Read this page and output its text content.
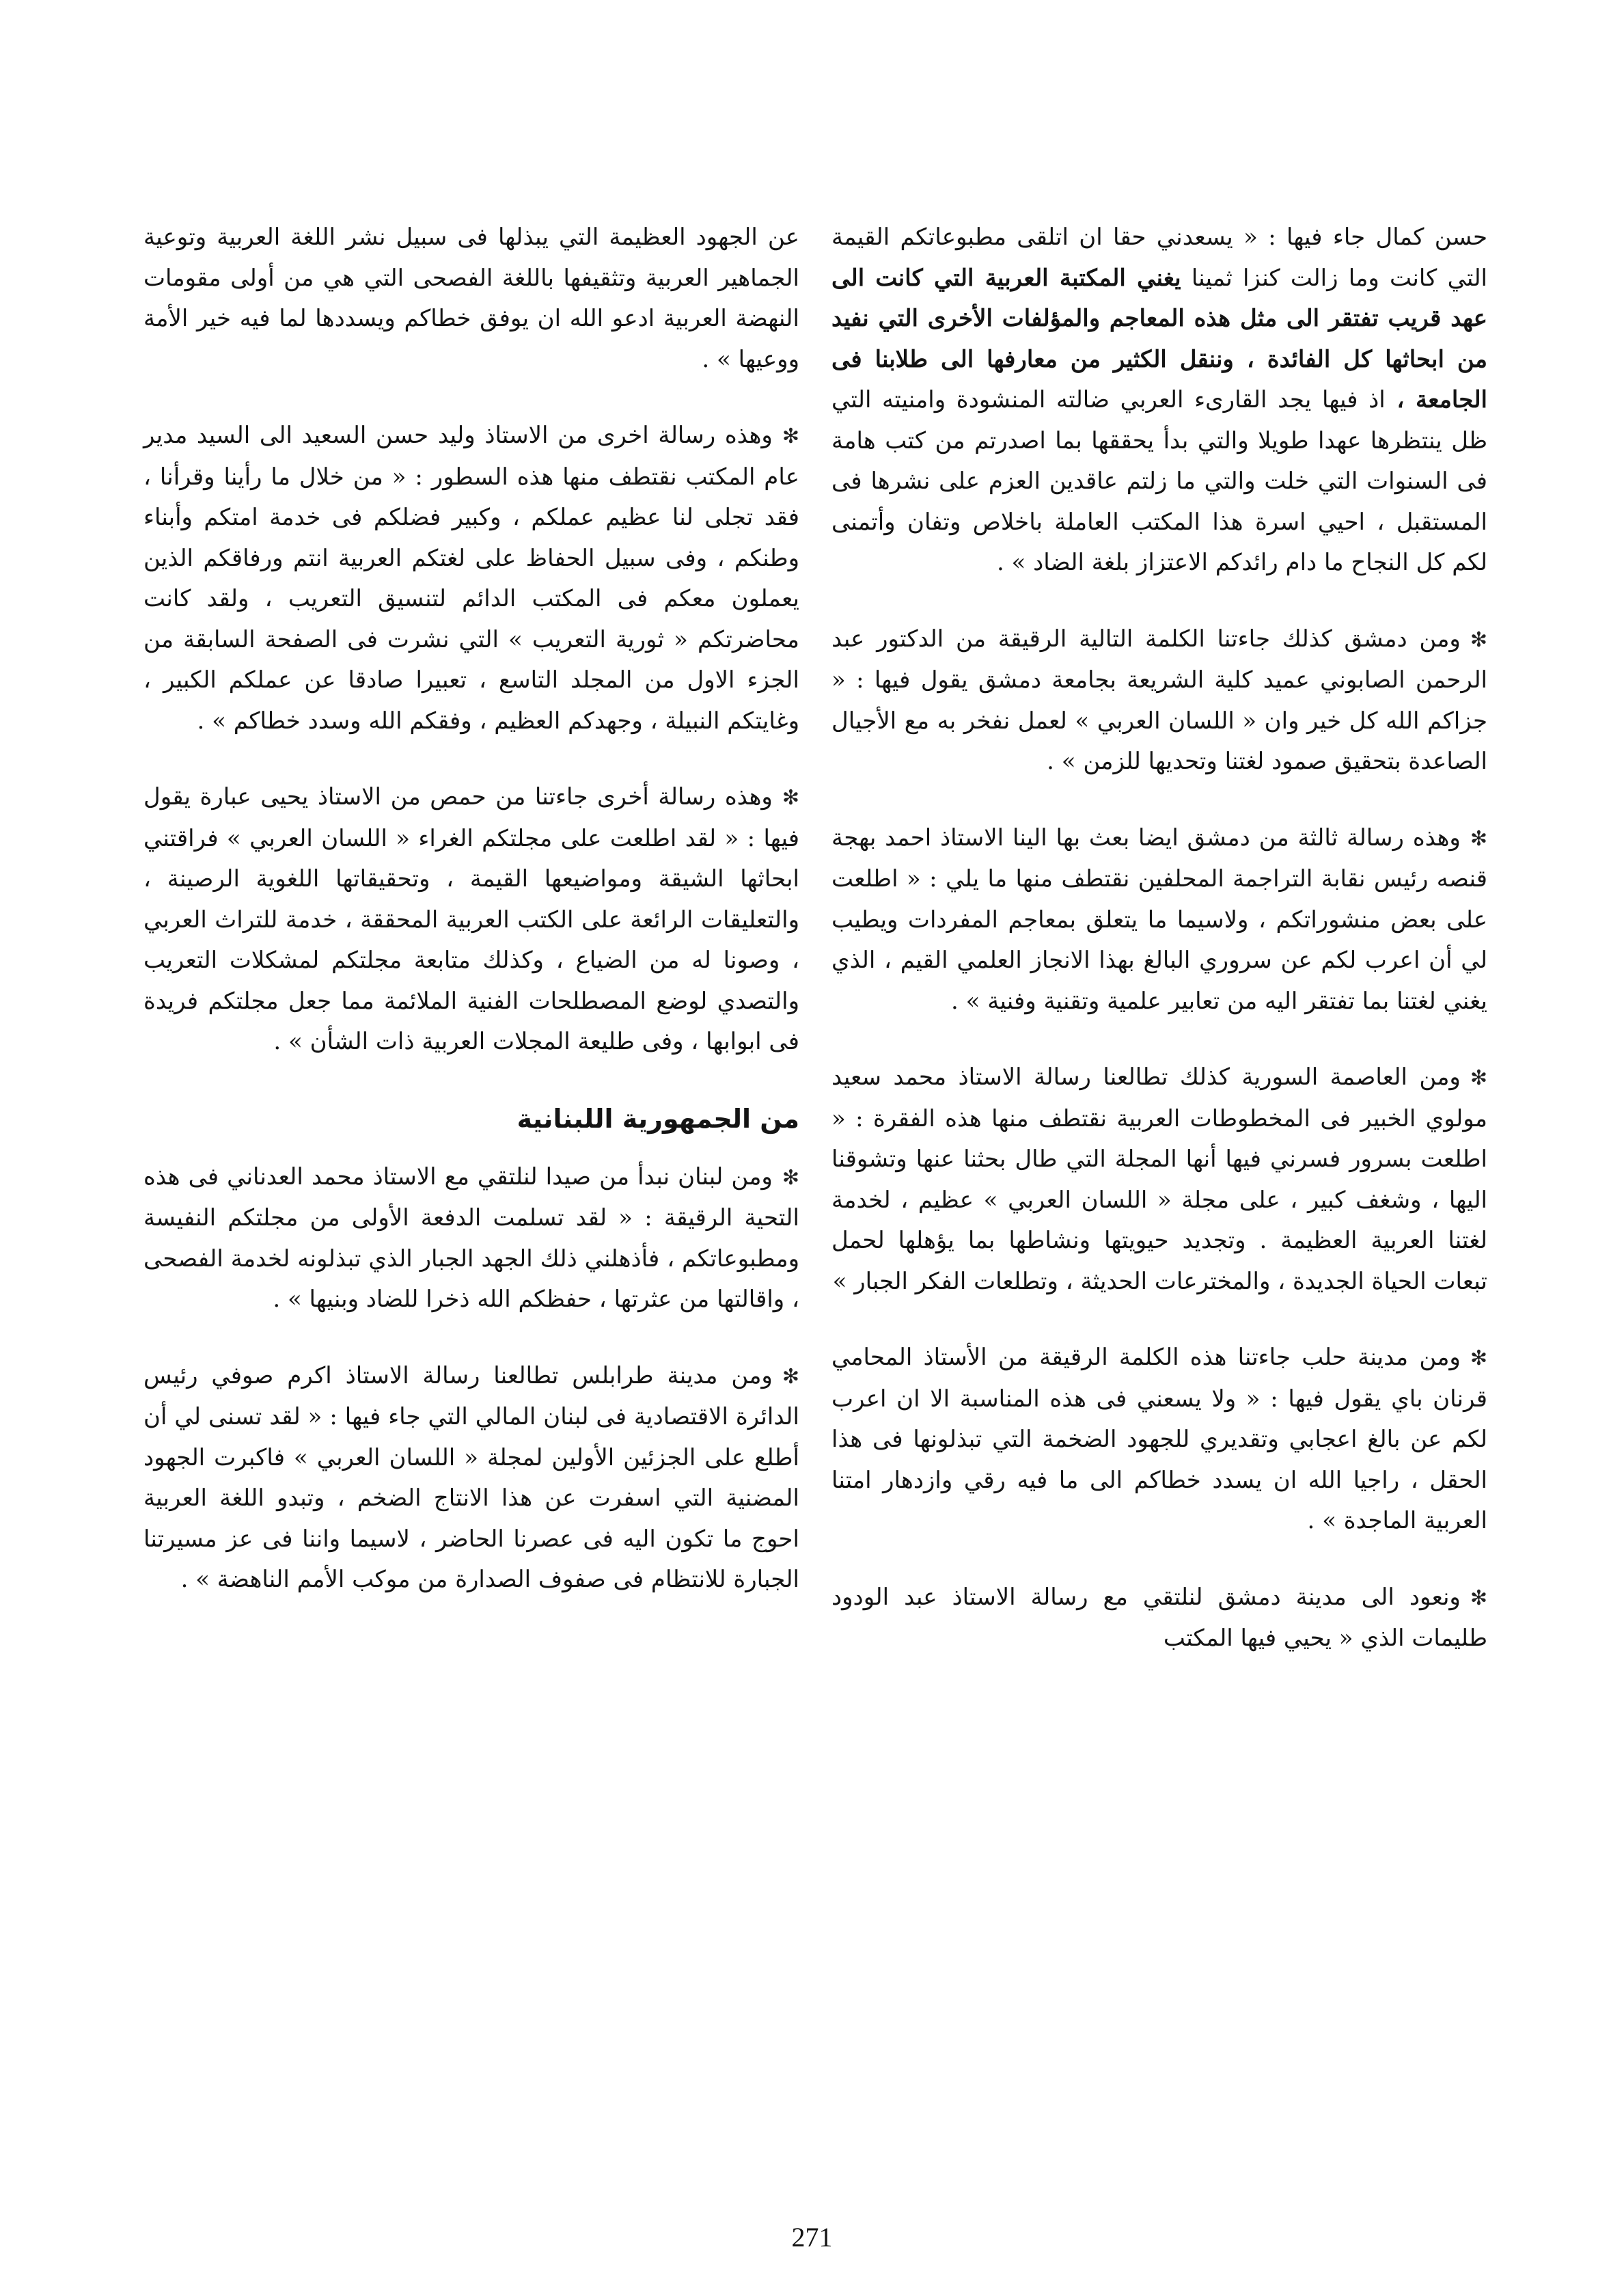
حسن كمال جاء فيها : « يسعدني حقا ان اتلقى مطبوعاتكم القيمة التي كانت وما زالت كنزا ثمينا يغني المكتبة العربية التي كانت الى عهد قريب تفتقر الى مثل هذه المعاجم والمؤلفات الأخرى التي نفيد من ابحاثها كل الفائدة ، وننقل الكثير من معارفها الى طلابنا فى الجامعة ، اذ فيها يجد القارىء العربي ضالته المنشودة وامنيته التي ظل ينتظرها عهدا طويلا والتي بدأ يحققها بما اصدرتم من كتب هامة فى السنوات التي خلت والتي ما زلتم عاقدين العزم على نشرها فى المستقبل ، احيي اسرة هذا المكتب العاملة باخلاص وتفان وأتمنى لكم كل النجاح ما دام رائدكم الاعتزاز بلغة الضاد » .

✻ومن دمشق كذلك جاءتنا الكلمة التالية الرقيقة من الدكتور عبد الرحمن الصابوني عميد كلية الشريعة بجامعة دمشق يقول فيها : « جزاكم الله كل خير وان « اللسان العربي » لعمل نفخر به مع الأجيال الصاعدة بتحقيق صمود لغتنا وتحديها للزمن » .

✻وهذه رسالة ثالثة من دمشق ايضا بعث بها الينا الاستاذ احمد بهجة قنصه رئيس نقابة التراجمة المحلفين نقتطف منها ما يلي : « اطلعت على بعض منشوراتكم ، ولاسيما ما يتعلق بمعاجم المفردات ويطيب لي أن اعرب لكم عن سروري البالغ بهذا الانجاز العلمي القيم ، الذي يغني لغتنا بما تفتقر اليه من تعابير علمية وتقنية وفنية » .

✻ومن العاصمة السورية كذلك تطالعنا رسالة الاستاذ محمد سعيد مولوي الخبير فى المخطوطات العربية نقتطف منها هذه الفقرة : « اطلعت بسرور فسرني فيها أنها المجلة التي طال بحثنا عنها وتشوقنا اليها ، وشغف كبير ، على مجلة « اللسان العربي » عظيم ، لخدمة لغتنا العربية العظيمة . وتجديد حيويتها ونشاطها بما يؤهلها لحمل تبعات الحياة الجديدة ، والمخترعات الحديثة ، وتطلعات الفكر الجبار »

✻ومن مدينة حلب جاءتنا هذه الكلمة الرقيقة من الأستاذ المحامي قرنان باي يقول فيها : « ولا يسعني فى هذه المناسبة الا ان اعرب لكم عن بالغ اعجابي وتقديري للجهود الضخمة التي تبذلونها فى هذا الحقل ، راجيا الله ان يسدد خطاكم الى ما فيه رقي وازدهار امتنا العربية الماجدة » .

✻ونعود الى مدينة دمشق لنلتقي مع رسالة الاستاذ عبد الودود طليمات الذي « يحيي فيها المكتب

عن الجهود العظيمة التي يبذلها فى سبيل نشر اللغة العربية وتوعية الجماهير العربية وتثقيفها باللغة الفصحى التي هي من أولى مقومات النهضة العربية ادعو الله ان يوفق خطاكم ويسددها لما فيه خير الأمة ووعيها » .

✻وهذه رسالة اخرى من الاستاذ وليد حسن السعيد الى السيد مدير عام المكتب نقتطف منها هذه السطور : « من خلال ما رأينا وقرأنا ، فقد تجلى لنا عظيم عملكم ، وكبير فضلكم فى خدمة امتكم وأبناء وطنكم ، وفى سبيل الحفاظ على لغتكم العربية انتم ورفاقكم الذين يعملون معكم فى المكتب الدائم لتنسيق التعريب ، ولقد كانت محاضرتكم « ثورية التعريب » التي نشرت فى الصفحة السابقة من الجزء الاول من المجلد التاسع ، تعبيرا صادقا عن عملكم الكبير ، وغايتكم النبيلة ، وجهدكم العظيم ، وفقكم الله وسدد خطاكم » .

✻وهذه رسالة أخرى جاءتنا من حمص من الاستاذ يحيى عبارة يقول فيها : « لقد اطلعت على مجلتكم الغراء « اللسان العربي » فراقتني ابحاثها الشيقة ومواضيعها القيمة ، وتحقيقاتها اللغوية الرصينة ، والتعليقات الرائعة على الكتب العربية المحققة ، خدمة للتراث العربي ، وصونا له من الضياع ، وكذلك متابعة مجلتكم لمشكلات التعريب والتصدي لوضع المصطلحات الفنية الملائمة مما جعل مجلتكم فريدة فى ابوابها ، وفى طليعة المجلات العربية ذات الشأن » .

من الجمهورية اللبنانية

✻ومن لبنان نبدأ من صيدا لنلتقي مع الاستاذ محمد العدناني فى هذه التحية الرقيقة : « لقد تسلمت الدفعة الأولى من مجلتكم النفيسة ومطبوعاتكم ، فأذهلني ذلك الجهد الجبار الذي تبذلونه لخدمة الفصحى ، واقالتها من عثرتها ، حفظكم الله ذخرا للضاد وبنيها » .

✻ومن مدينة طرابلس تطالعنا رسالة الاستاذ اكرم صوفي رئيس الدائرة الاقتصادية فى لبنان المالي التي جاء فيها : « لقد تسنى لي أن أطلع على الجزئين الأولين لمجلة « اللسان العربي » فاكبرت الجهود المضنية التي اسفرت عن هذا الانتاج الضخم ، وتبدو اللغة العربية احوج ما تكون اليه فى عصرنا الحاضر ، لاسيما واننا فى عز مسيرتنا الجبارة للانتظام فى صفوف الصدارة من موكب الأمم الناهضة » .

271
